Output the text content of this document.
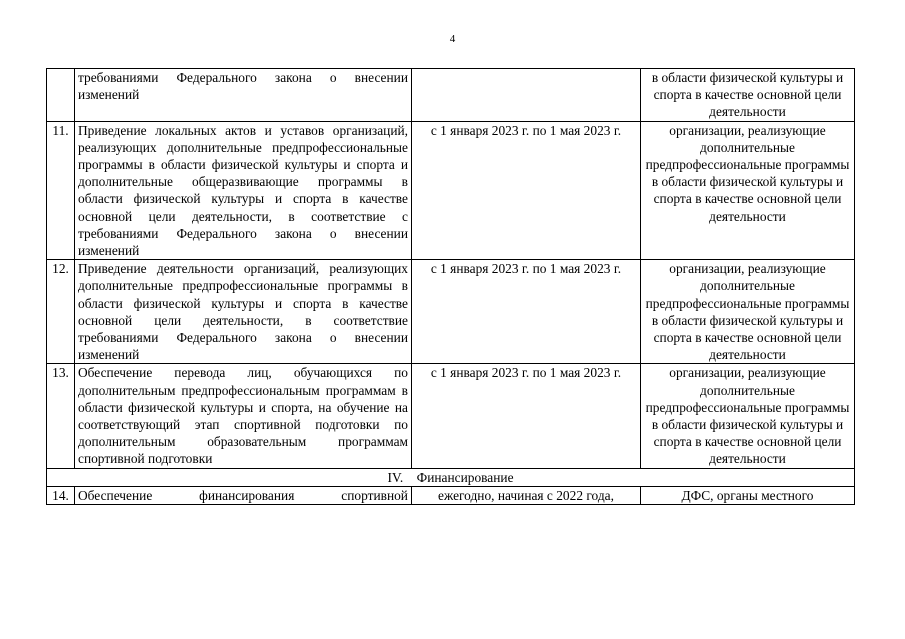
4
	требованиями Федерального закона о внесении изменений		в области физической культуры и спорта в качестве основной цели деятельности
11.	Приведение локальных актов и уставов организаций, реализующих дополнительные предпрофессиональные программы в области физической культуры и спорта и дополнительные общеразвивающие программы в области физической культуры и спорта в качестве основной цели деятельности, в соответствие с требованиями Федерального закона о внесении изменений	с 1 января 2023 г. по 1 мая 2023 г.	организации, реализующие дополнительные предпрофессиональные программы в области физической культуры и спорта в качестве основной цели деятельности
12.	Приведение деятельности организаций, реализующих дополнительные предпрофессиональные программы в области физической культуры и спорта в качестве основной цели деятельности, в соответствие требованиями Федерального закона о внесении изменений	с 1 января 2023 г. по 1 мая 2023 г.	организации, реализующие дополнительные предпрофессиональные программы в области физической культуры и спорта в качестве основной цели деятельности
13.	Обеспечение перевода лиц, обучающихся по дополнительным предпрофессиональным программам в области физической культуры и спорта, на обучение на соответствующий этап спортивной подготовки по дополнительным образовательным программам спортивной подготовки	с 1 января 2023 г. по 1 мая 2023 г.	организации, реализующие дополнительные предпрофессиональные программы в области физической культуры и спорта в качестве основной цели деятельности
IV. Финансирование			
14.	Обеспечение финансирования спортивной	ежегодно, начиная с 2022 года,	ДФС, органы местного
